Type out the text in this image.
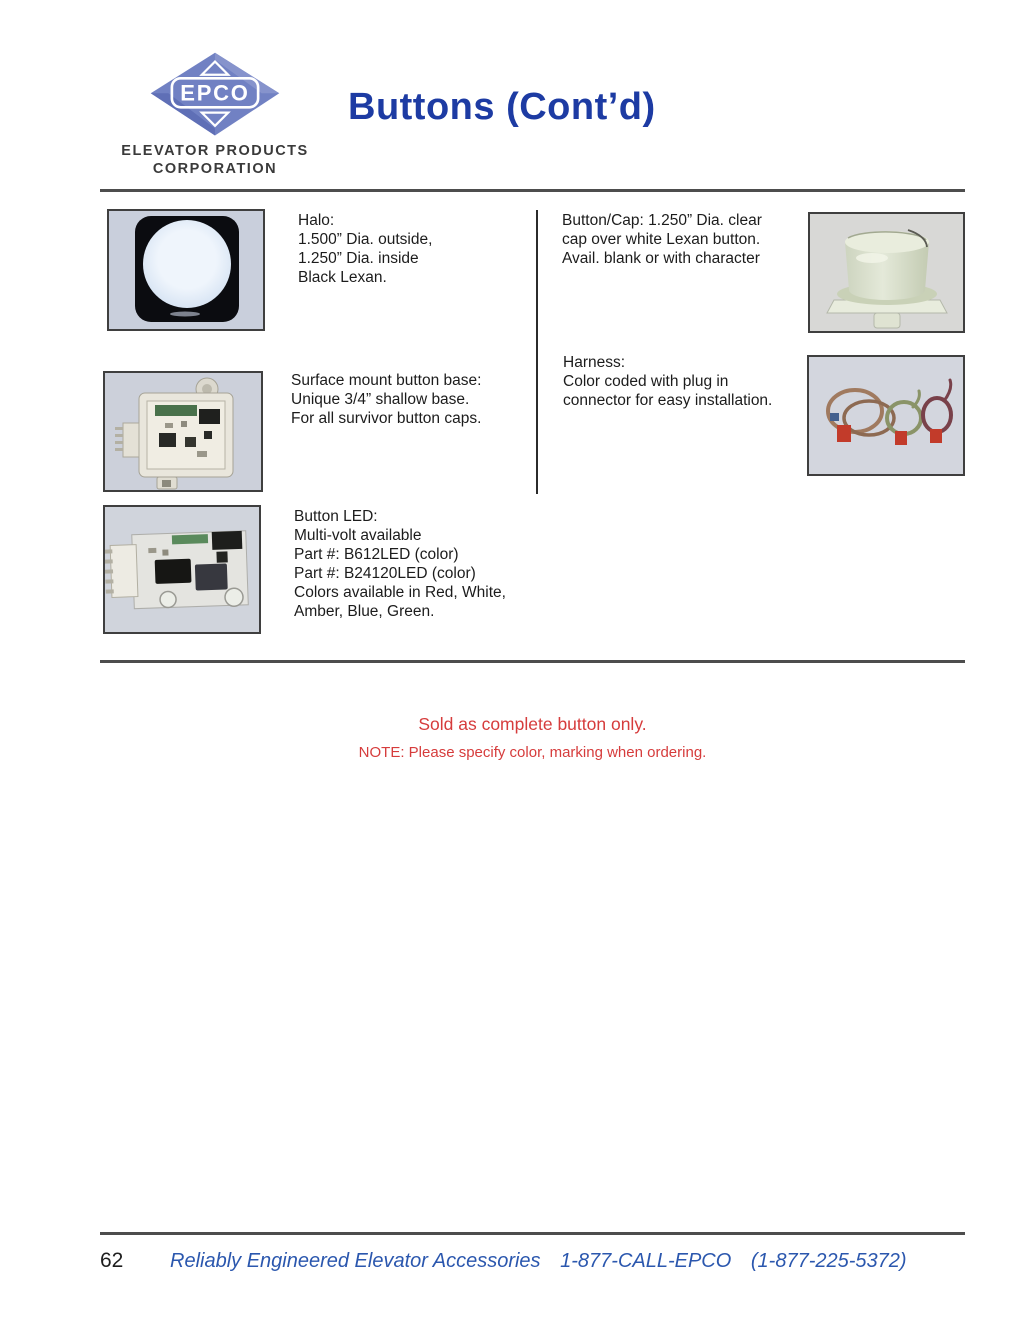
EPCO
ELEVATOR PRODUCTS
CORPORATION
Buttons (Cont’d)
Halo:
1.500” Dia. outside,
1.250” Dia. inside
Black Lexan.
Button/Cap: 1.250” Dia. clear
cap over white Lexan button.
Avail. blank or with character
Surface mount button base:
Unique 3/4” shallow base.
For all survivor button caps.
Harness:
Color coded with plug in
connector for easy installation.
Button LED:
Multi-volt available
Part #: B612LED (color)
Part #: B24120LED (color)
Colors available in Red, White,
Amber, Blue, Green.
Sold as complete button only.
NOTE: Please specify color, marking when ordering.
62 Reliably Engineered Elevator Accessories 1-877-CALL-EPCO (1-877-225-5372)
